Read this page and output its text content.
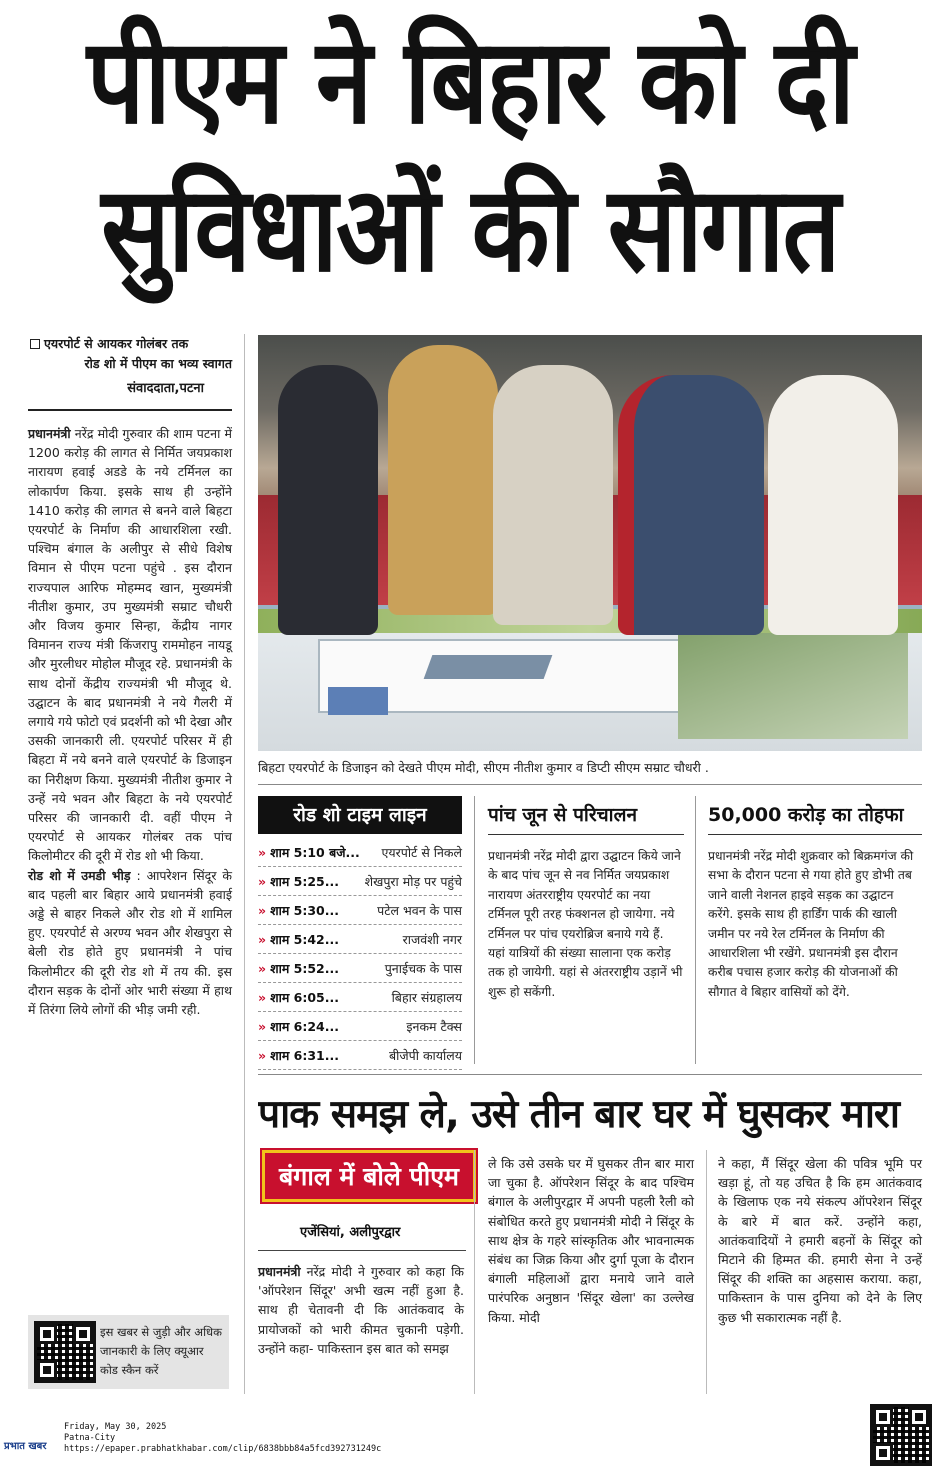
पीएम ने बिहार को दी
सुविधाओं की सौगात
एयरपोर्ट से आयकर गोलंबर तक
रोड शो में पीएम का भव्य स्वागत
संवाददाता,पटना

प्रधानमंत्री नरेंद्र मोदी गुरुवार की शाम पटना में 1200 करोड़ की लागत से निर्मित जयप्रकाश नारायण हवाई अडडे के नये टर्मिनल का लोकार्पण किया. इसके साथ ही उन्होंने 1410 करोड़ की लागत से बनने वाले बिहटा एयरपोर्ट के निर्माण की आधारशिला रखी. पश्चिम बंगाल के अलीपुर से सीधे विशेष विमान से पीएम पटना पहुंचे . इस दौरान राज्यपाल आरिफ मोहम्मद खान, मुख्यमंत्री नीतीश कुमार, उप मुख्यमंत्री सम्राट चौधरी और विजय कुमार सिन्हा, केंद्रीय नागर विमानन राज्य मंत्री किंजरापु राममोहन नायडू और मुरलीधर मोहोल मौजूद रहे. प्रधानमंत्री के साथ दोनों केंद्रीय राज्यमंत्री भी मौजूद थे. उद्घाटन के बाद प्रधानमंत्री ने नये गैलरी में लगाये गये फोटो एवं प्रदर्शनी को भी देखा और उसकी जानकारी ली. एयरपोर्ट परिसर में ही बिहटा में नये बनने वाले एयरपोर्ट के डिजाइन का निरीक्षण किया. मुख्यमंत्री नीतीश कुमार ने उन्हें नये भवन और बिहटा के नये एयरपोर्ट परिसर की जानकारी दी. वहीं पीएम ने एयरपोर्ट से आयकर गोलंबर तक पांच किलोमीटर की दूरी में रोड शो भी किया.

रोड शो में उमडी भीड़ : आपरेशन सिंदूर के बाद पहली बार बिहार आये प्रधानमंत्री हवाई अड्डे से बाहर निकले और रोड शो में शामिल हुए. एयरपोर्ट से अरण्य भवन और शेखपुरा से बेली रोड होते हुए प्रधानमंत्री ने पांच किलोमीटर की दूरी रोड शो में तय की. इस दौरान सड़क के दोनों ओर भारी संख्या में हाथ में तिरंगा लिये लोगों की भीड़ जमी रही.

इस खबर से जुड़ी और अधिक जानकारी के लिए क्यूआर कोड स्कैन करें
बिहटा एयरपोर्ट के डिजाइन को देखते पीएम मोदी, सीएम नीतीश कुमार व डिप्टी सीएम सम्राट चौधरी .
रोड शो टाइम लाइन
» शाम 5:10 बजे... एयरपोर्ट से निकले
» शाम 5:25... शेखपुरा मोड़ पर पहुंचे
» शाम 5:30...	पटेल भवन के पास
» शाम 5:42...	राजवंशी नगर
» शाम 5:52...	पुनाईचक के पास
» शाम 6:05...	बिहार संग्रहालय
» शाम 6:24...	इनकम टैक्स
» शाम 6:31...	बीजेपी कार्यालय
पांच जून से परिचालन
प्रधानमंत्री नरेंद्र मोदी द्वारा उद्घाटन किये जाने के बाद पांच जून से नव निर्मित जयप्रकाश नारायण अंतरराष्ट्रीय एयरपोर्ट का नया टर्मिनल पूरी तरह फंक्शनल हो जायेगा. नये टर्मिनल पर पांच एयरोब्रिज बनाये गये हैं. यहां यात्रियों की संख्या सालाना एक करोड़ तक हो जायेगी. यहां से अंतरराष्ट्रीय उड़ानें भी शुरू हो सकेंगी.
50,000 करोड़ का तोहफा
प्रधानमंत्री नरेंद्र मोदी शुक्रवार को बिक्रमगंज की सभा के दौरान पटना से गया होते हुए डोभी तब जाने वाली नेशनल हाइवे सड़क का उद्घाटन करेंगे. इसके साथ ही हार्डिंग पार्क की खाली जमीन पर नये रेल टर्मिनल के निर्माण की आधारशिला भी रखेंगे. प्रधानमंत्री इस दौरान करीब पचास हजार करोड़ की योजनाओं की सौगात वे बिहार वासियों को देंगे.
पाक समझ ले, उसे तीन बार घर में घुसकर मारा
बंगाल में बोले पीएम
एजेंसियां, अलीपुरद्वार
प्रधानमंत्री नरेंद्र मोदी ने गुरुवार को कहा कि 'ऑपरेशन सिंदूर' अभी खत्म नहीं हुआ है. साथ ही चेतावनी दी कि आतंकवाद के प्रायोजकों को भारी कीमत चुकानी पड़ेगी. उन्होंने कहा- पाकिस्तान इस बात को समझ
ले कि उसे उसके घर में घुसकर तीन बार मारा जा चुका है. ऑपरेशन सिंदूर के बाद पश्चिम बंगाल के अलीपुरद्वार में अपनी पहली रैली को संबोधित करते हुए प्रधानमंत्री मोदी ने सिंदूर के साथ क्षेत्र के गहरे सांस्कृतिक और भावनात्मक संबंध का जिक्र किया और दुर्गा पूजा के दौरान बंगाली महिलाओं द्वारा मनाये जाने वाले पारंपरिक अनुष्ठान 'सिंदूर खेला' का उल्लेख किया. मोदी
ने कहा, मैं सिंदूर खेला की पवित्र भूमि पर खड़ा हूं, तो यह उचित है कि हम आतंकवाद के खिलाफ एक नये संकल्प ऑपरेशन सिंदूर के बारे में बात करें. उन्होंने कहा, आतंकवादियों ने हमारी बहनों के सिंदूर को मिटाने की हिम्मत की. हमारी सेना ने उन्हें सिंदूर की शक्ति का अहसास कराया. कहा, पाकिस्तान के पास दुनिया को देने के लिए कुछ भी सकारात्मक नहीं है.
प्रभात खबर
Friday, May 30, 2025
Patna-City
https://epaper.prabhatkhabar.com/clip/6838bbb84a5fcd392731249c
